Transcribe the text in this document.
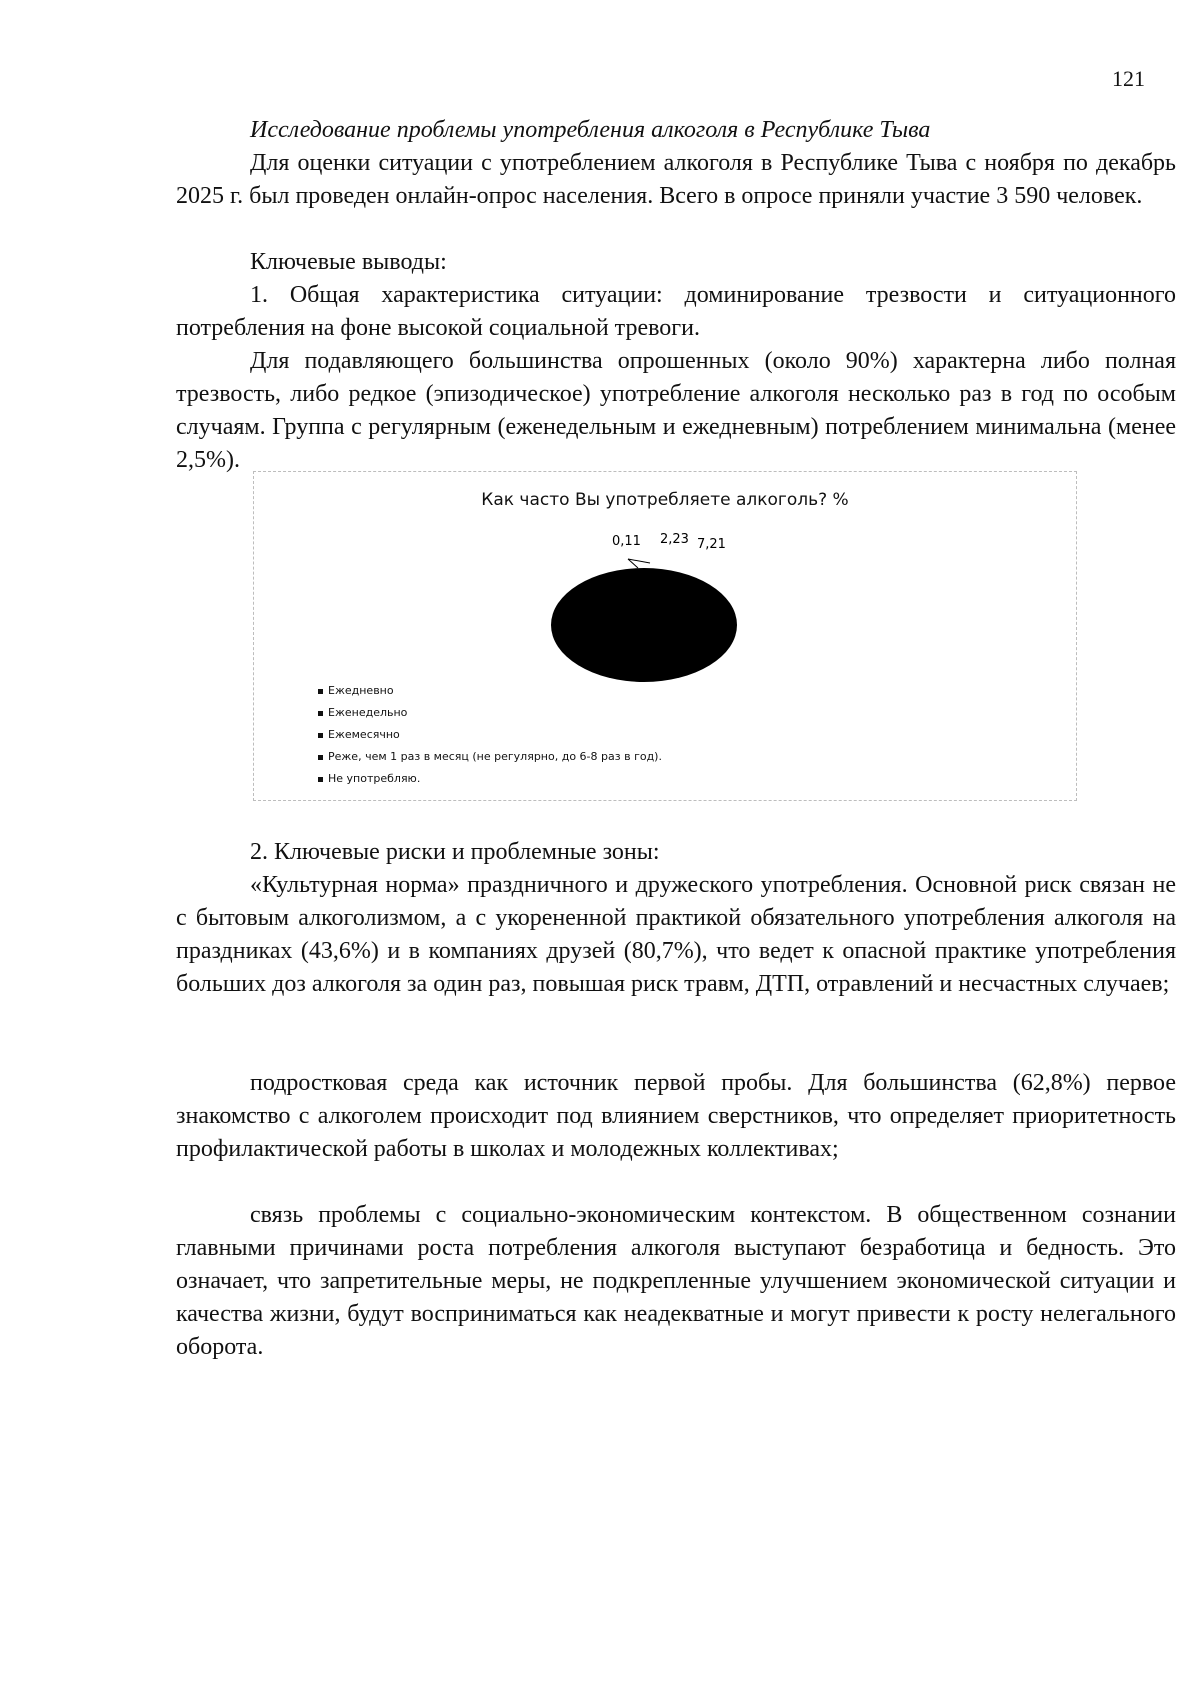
121

Исследование проблемы употребления алкоголя в Республике Тыва

Для оценки ситуации с употреблением алкоголя в Республике Тыва с ноября по декабрь 2025 г. был проведен онлайн-опрос населения. Всего в опросе приняли участие 3 590 человек.

Ключевые выводы:

1. Общая характеристика ситуации: доминирование трезвости и ситуационного потребления на фоне высокой социальной тревоги.

Для подавляющего большинства опрошенных (около 90%) характерна либо полная трезвость, либо редкое (эпизодическое) употребление алкоголя несколько раз в год по особым случаям. Группа с регулярным (еженедельным и ежедневным) потреблением минимальна (менее 2,5%).

Как часто Вы употребляете алкоголь? %

0,11 2,23 7,21
Ежедневно
Еженедельно
Ежемесячно
Реже, чем 1 раз в месяц (не регулярно, до 6-8 раз в год).
Не употребляю.

2. Ключевые риски и проблемные зоны:

«Культурная норма» праздничного и дружеского употребления. Основной риск связан не с бытовым алкоголизмом, а с укорененной практикой обязательного употребления алкоголя на праздниках (43,6%) и в компаниях друзей (80,7%), что ведет к опасной практике употребления больших доз алкоголя за один раз, повышая риск травм, ДТП, отравлений и несчастных случаев;

подростковая среда как источник первой пробы. Для большинства (62,8%) первое знакомство с алкоголем происходит под влиянием сверстников, что определяет приоритетность профилактической работы в школах и молодежных коллективах;

связь проблемы с социально-экономическим контекстом. В общественном сознании главными причинами роста потребления алкоголя выступают безработица и бедность. Это означает, что запретительные меры, не подкрепленные улучшением экономической ситуации и качества жизни, будут восприниматься как неадекватные и могут привести к росту нелегального оборота.
